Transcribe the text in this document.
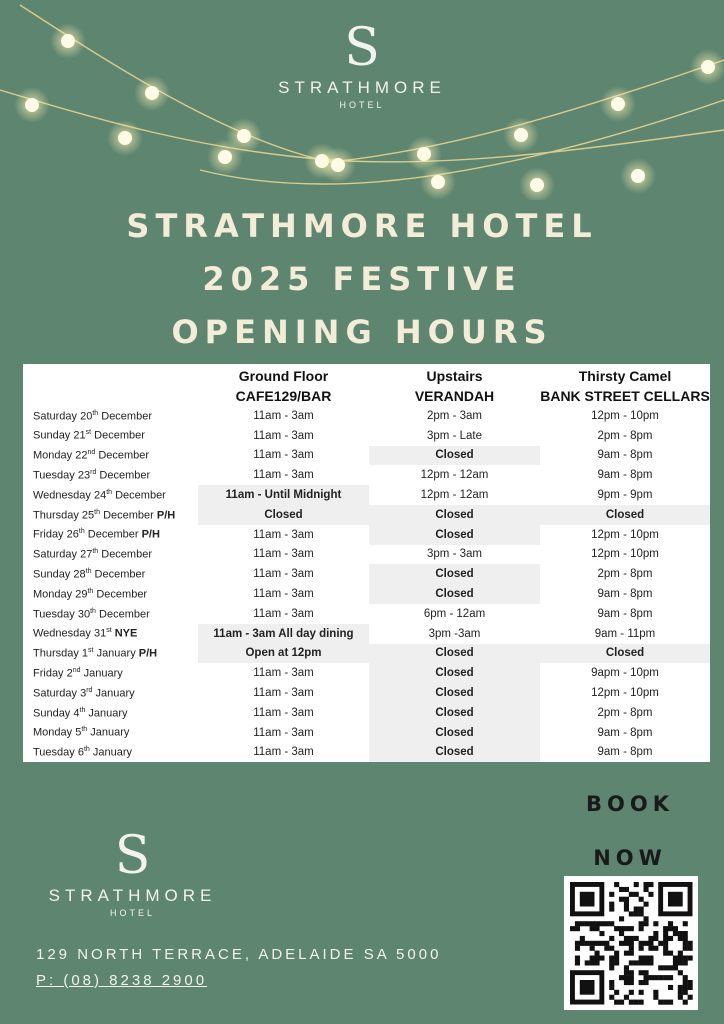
S
STRATHMORE
HOTEL
STRATHMORE HOTEL
2025 FESTIVE
OPENING HOURS
	Ground Floor	Upstairs	Thirsty Camel
	CAFE129/BAR	VERANDAH	BANK STREET CELLARS
Saturday 20th December	11am - 3am	2pm - 3am	12pm - 10pm
Sunday 21st December	11am - 3am	3pm - Late	2pm - 8pm
Monday 22nd December	11am - 3am	Closed	9am - 8pm
Tuesday 23rd December	11am - 3am	12pm - 12am	9am - 8pm
Wednesday 24th December	11am - Until Midnight	12pm - 12am	9pm - 9pm
Thursday 25th December P/H	Closed	Closed	Closed
Friday 26th December P/H	11am - 3am	Closed	12pm - 10pm
Saturday 27th December	11am - 3am	3pm - 3am	12pm - 10pm
Sunday 28th December	11am - 3am	Closed	2pm - 8pm
Monday 29th December	11am - 3am	Closed	9am - 8pm
Tuesday 30th December	11am - 3am	6pm - 12am	9am - 8pm
Wednesday 31st NYE	11am - 3am All day dining	3pm -3am	9am - 11pm
Thursday 1st January P/H	Open at 12pm	Closed	Closed
Friday 2nd January	11am - 3am	Closed	9apm - 10pm
Saturday 3rd January	11am - 3am	Closed	12pm - 10pm
Sunday 4th January	11am - 3am	Closed	2pm - 8pm
Monday 5th January	11am - 3am	Closed	9am - 8pm
Tuesday 6th January	11am - 3am	Closed	9am - 8pm
BOOK
NOW
S
STRATHMORE
HOTEL
129 NORTH TERRACE, ADELAIDE SA 5000
P: (08) 8238 2900
